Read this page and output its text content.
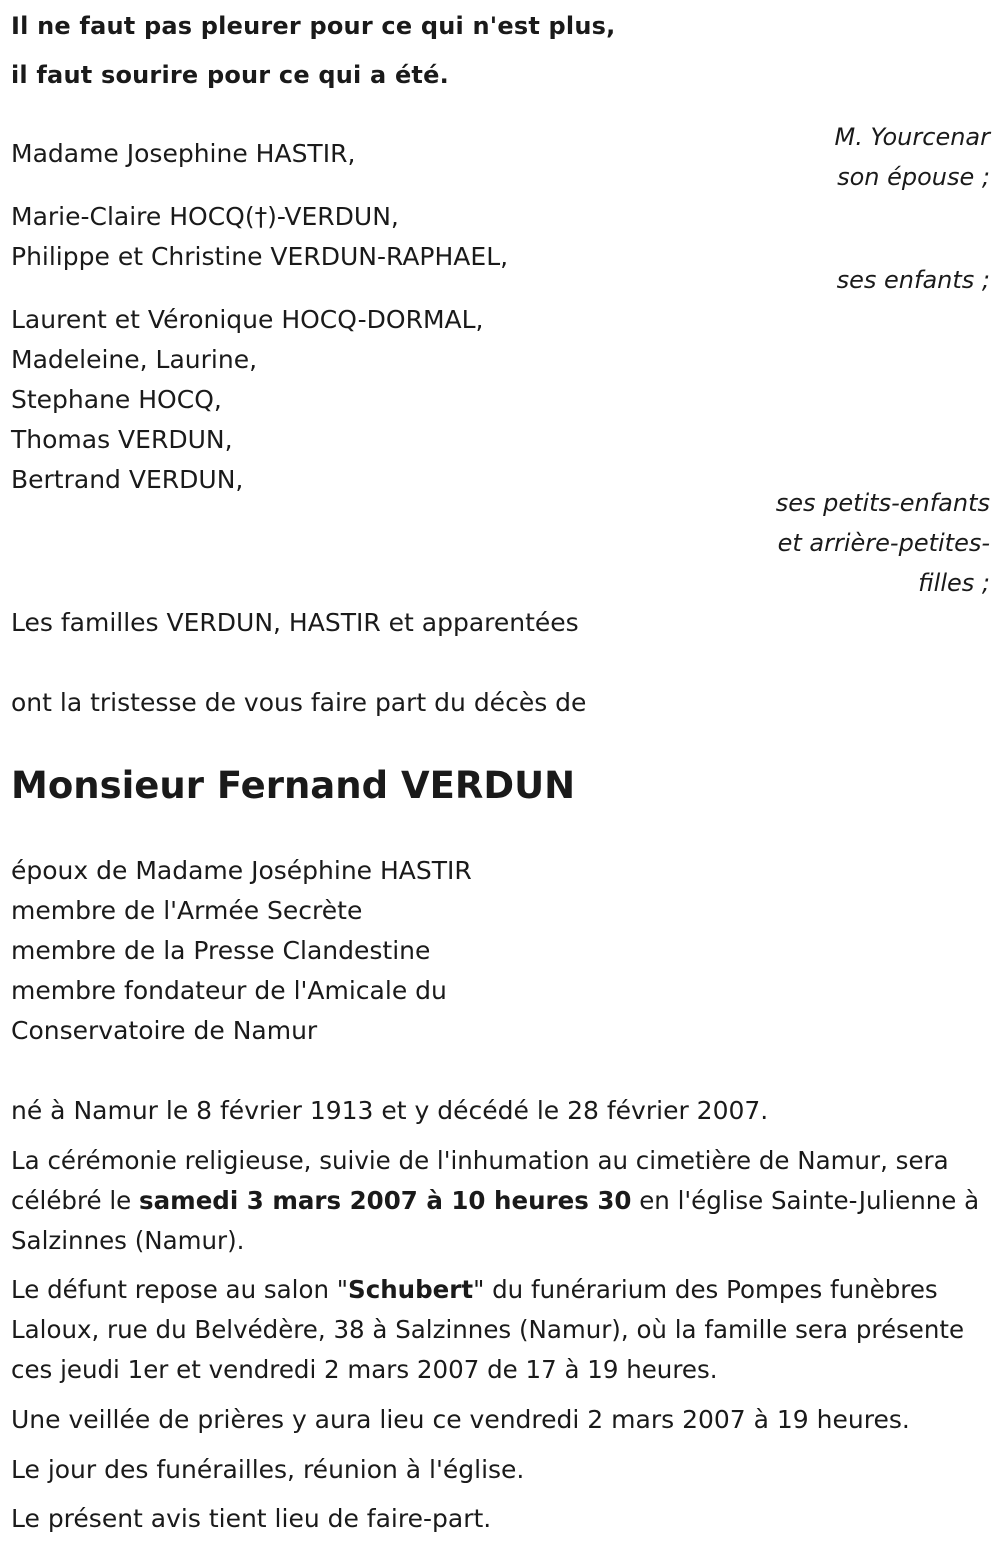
Il ne faut pas pleurer pour ce qui n'est plus,
il faut sourire pour ce qui a été.
M. Yourcenar
Madame Josephine HASTIR,
son épouse ;
Marie-Claire HOCQ(†)-VERDUN,
Philippe et Christine VERDUN-RAPHAEL,
ses enfants ;
Laurent et Véronique HOCQ-DORMAL,
Madeleine, Laurine,
Stephane HOCQ,
Thomas VERDUN,
Bertrand VERDUN,
ses petits-enfants
et arrière-petites-
filles ;
Les familles VERDUN, HASTIR et apparentées
ont la tristesse de vous faire part du décès de
Monsieur Fernand VERDUN
époux de Madame Joséphine HASTIR
membre de l'Armée Secrète
membre de la Presse Clandestine
membre fondateur de l'Amicale du
Conservatoire de Namur
né à Namur le 8 février 1913 et y décédé le 28 février 2007.
La cérémonie religieuse, suivie de l'inhumation au cimetière de Namur, sera célébré le samedi 3 mars 2007 à 10 heures 30 en l'église Sainte-Julienne à Salzinnes (Namur).
Le défunt repose au salon "Schubert" du funérarium des Pompes funèbres Laloux, rue du Belvédère, 38 à Salzinnes (Namur), où la famille sera présente ces jeudi 1er et vendredi 2 mars 2007 de 17 à 19 heures.
Une veillée de prières y aura lieu ce vendredi 2 mars 2007 à 19 heures.
Le jour des funérailles, réunion à l'église.
Le présent avis tient lieu de faire-part.
